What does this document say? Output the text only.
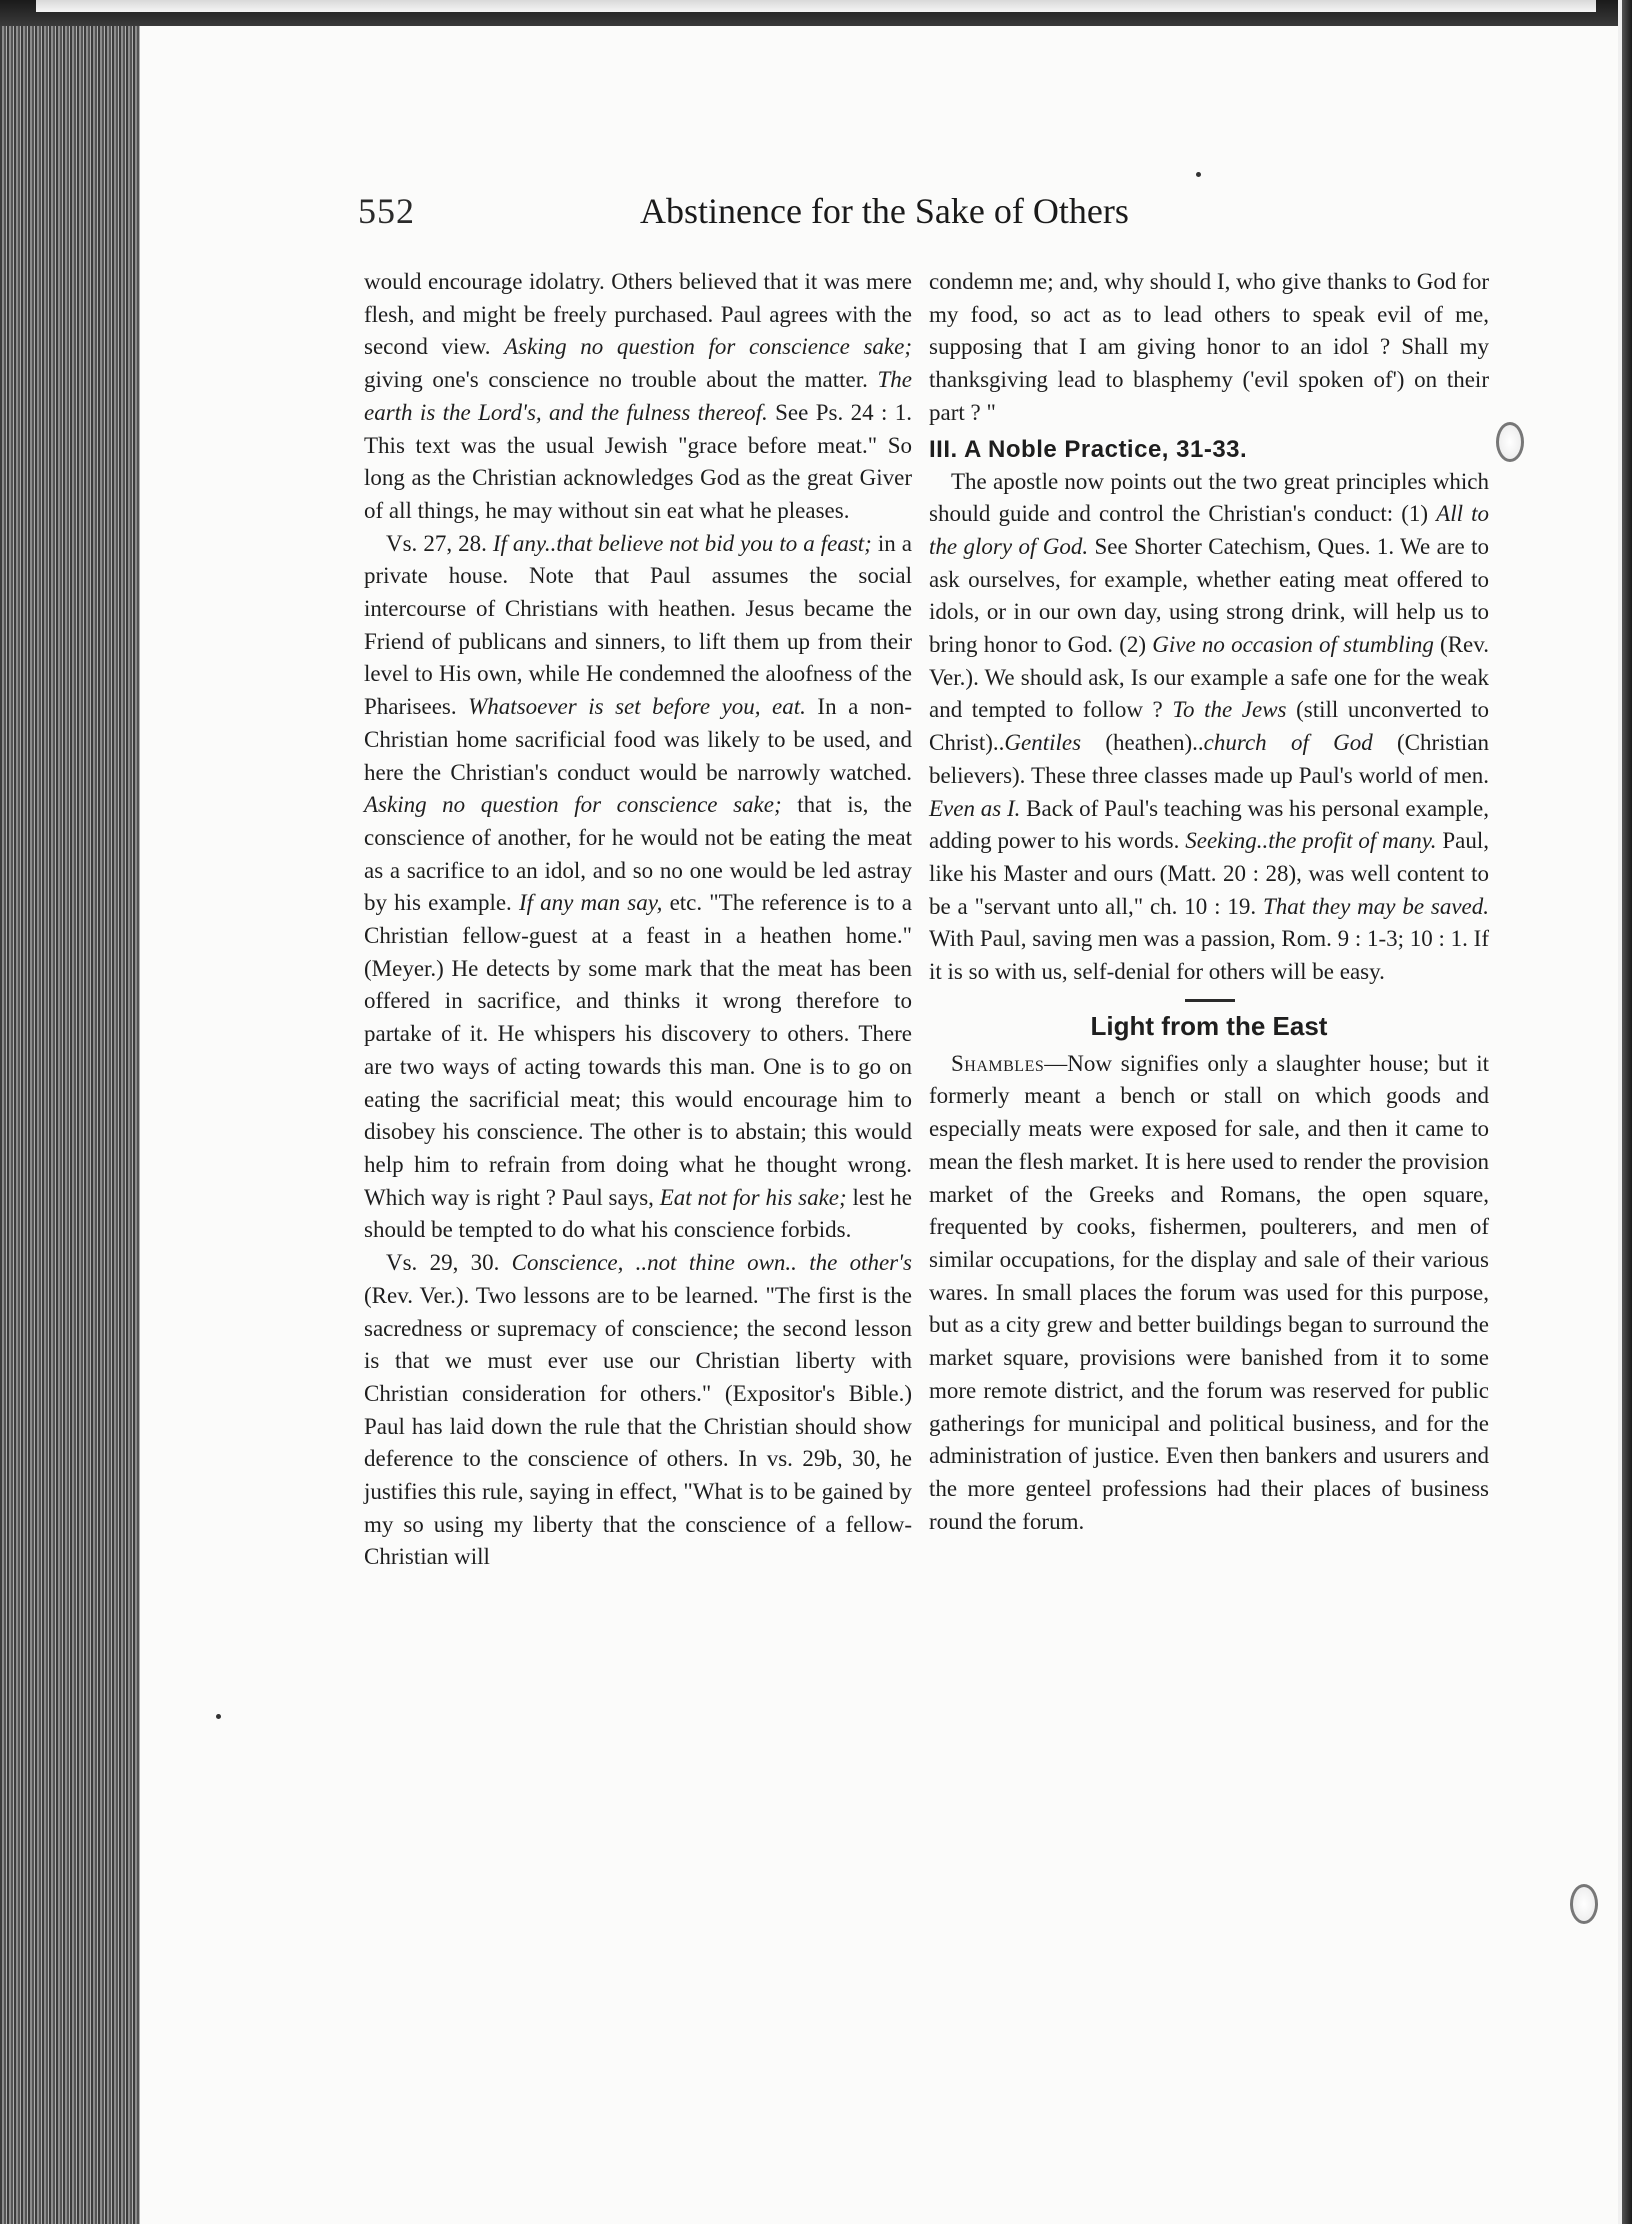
552	Abstinence for the Sake of Others

would encourage idolatry. Others believed that it was mere flesh, and might be freely purchased. Paul agrees with the second view. Asking no question for conscience sake; giving one's conscience no trouble about the matter. The earth is the Lord's, and the fulness thereof. See Ps. 24 : 1. This text was the usual Jewish "grace before meat." So long as the Christian acknowledges God as the great Giver of all things, he may without sin eat what he pleases.

Vs. 27, 28. If any..that believe not bid you to a feast; in a private house. Note that Paul assumes the social intercourse of Christians with heathen. Jesus became the Friend of publicans and sinners, to lift them up from their level to His own, while He condemned the aloofness of the Pharisees. Whatsoever is set before you, eat. In a non-Christian home sacrificial food was likely to be used, and here the Christian's conduct would be narrowly watched. Asking no question for conscience sake; that is, the conscience of another, for he would not be eating the meat as a sacrifice to an idol, and so no one would be led astray by his example. If any man say, etc. "The reference is to a Christian fellow-guest at a feast in a heathen home." (Meyer.) He detects by some mark that the meat has been offered in sacrifice, and thinks it wrong therefore to partake of it. He whispers his discovery to others. There are two ways of acting towards this man. One is to go on eating the sacrificial meat; this would encourage him to disobey his conscience. The other is to abstain; this would help him to refrain from doing what he thought wrong. Which way is right ? Paul says, Eat not for his sake; lest he should be tempted to do what his conscience forbids.

Vs. 29, 30. Conscience, ..not thine own.. the other's (Rev. Ver.). Two lessons are to be learned. "The first is the sacredness or supremacy of conscience; the second lesson is that we must ever use our Christian liberty with Christian consideration for others." (Expositor's Bible.) Paul has laid down the rule that the Christian should show deference to the conscience of others. In vs. 29b, 30, he justifies this rule, saying in effect, "What is to be gained by my so using my liberty that the conscience of a fellow-Christian will

condemn me; and, why should I, who give thanks to God for my food, so act as to lead others to speak evil of me, supposing that I am giving honor to an idol ? Shall my thanksgiving lead to blasphemy ('evil spoken of') on their part ? "

III. A Noble Practice, 31-33.

The apostle now points out the two great principles which should guide and control the Christian's conduct: (1) All to the glory of God. See Shorter Catechism, Ques. 1. We are to ask ourselves, for example, whether eating meat offered to idols, or in our own day, using strong drink, will help us to bring honor to God. (2) Give no occasion of stumbling (Rev. Ver.). We should ask, Is our example a safe one for the weak and tempted to follow ? To the Jews (still unconverted to Christ)..Gentiles (heathen)..church of God (Christian believers). These three classes made up Paul's world of men. Even as I. Back of Paul's teaching was his personal example, adding power to his words. Seeking..the profit of many. Paul, like his Master and ours (Matt. 20 : 28), was well content to be a "servant unto all," ch. 10 : 19. That they may be saved. With Paul, saving men was a passion, Rom. 9 : 1-3; 10 : 1. If it is so with us, self-denial for others will be easy.

Light from the East

Shambles—Now signifies only a slaughter house; but it formerly meant a bench or stall on which goods and especially meats were exposed for sale, and then it came to mean the flesh market. It is here used to render the provision market of the Greeks and Romans, the open square, frequented by cooks, fishermen, poulterers, and men of similar occupations, for the display and sale of their various wares. In small places the forum was used for this purpose, but as a city grew and better buildings began to surround the market square, provisions were banished from it to some more remote district, and the forum was reserved for public gatherings for municipal and political business, and for the administration of justice. Even then bankers and usurers and the more genteel professions had their places of business round the forum.
